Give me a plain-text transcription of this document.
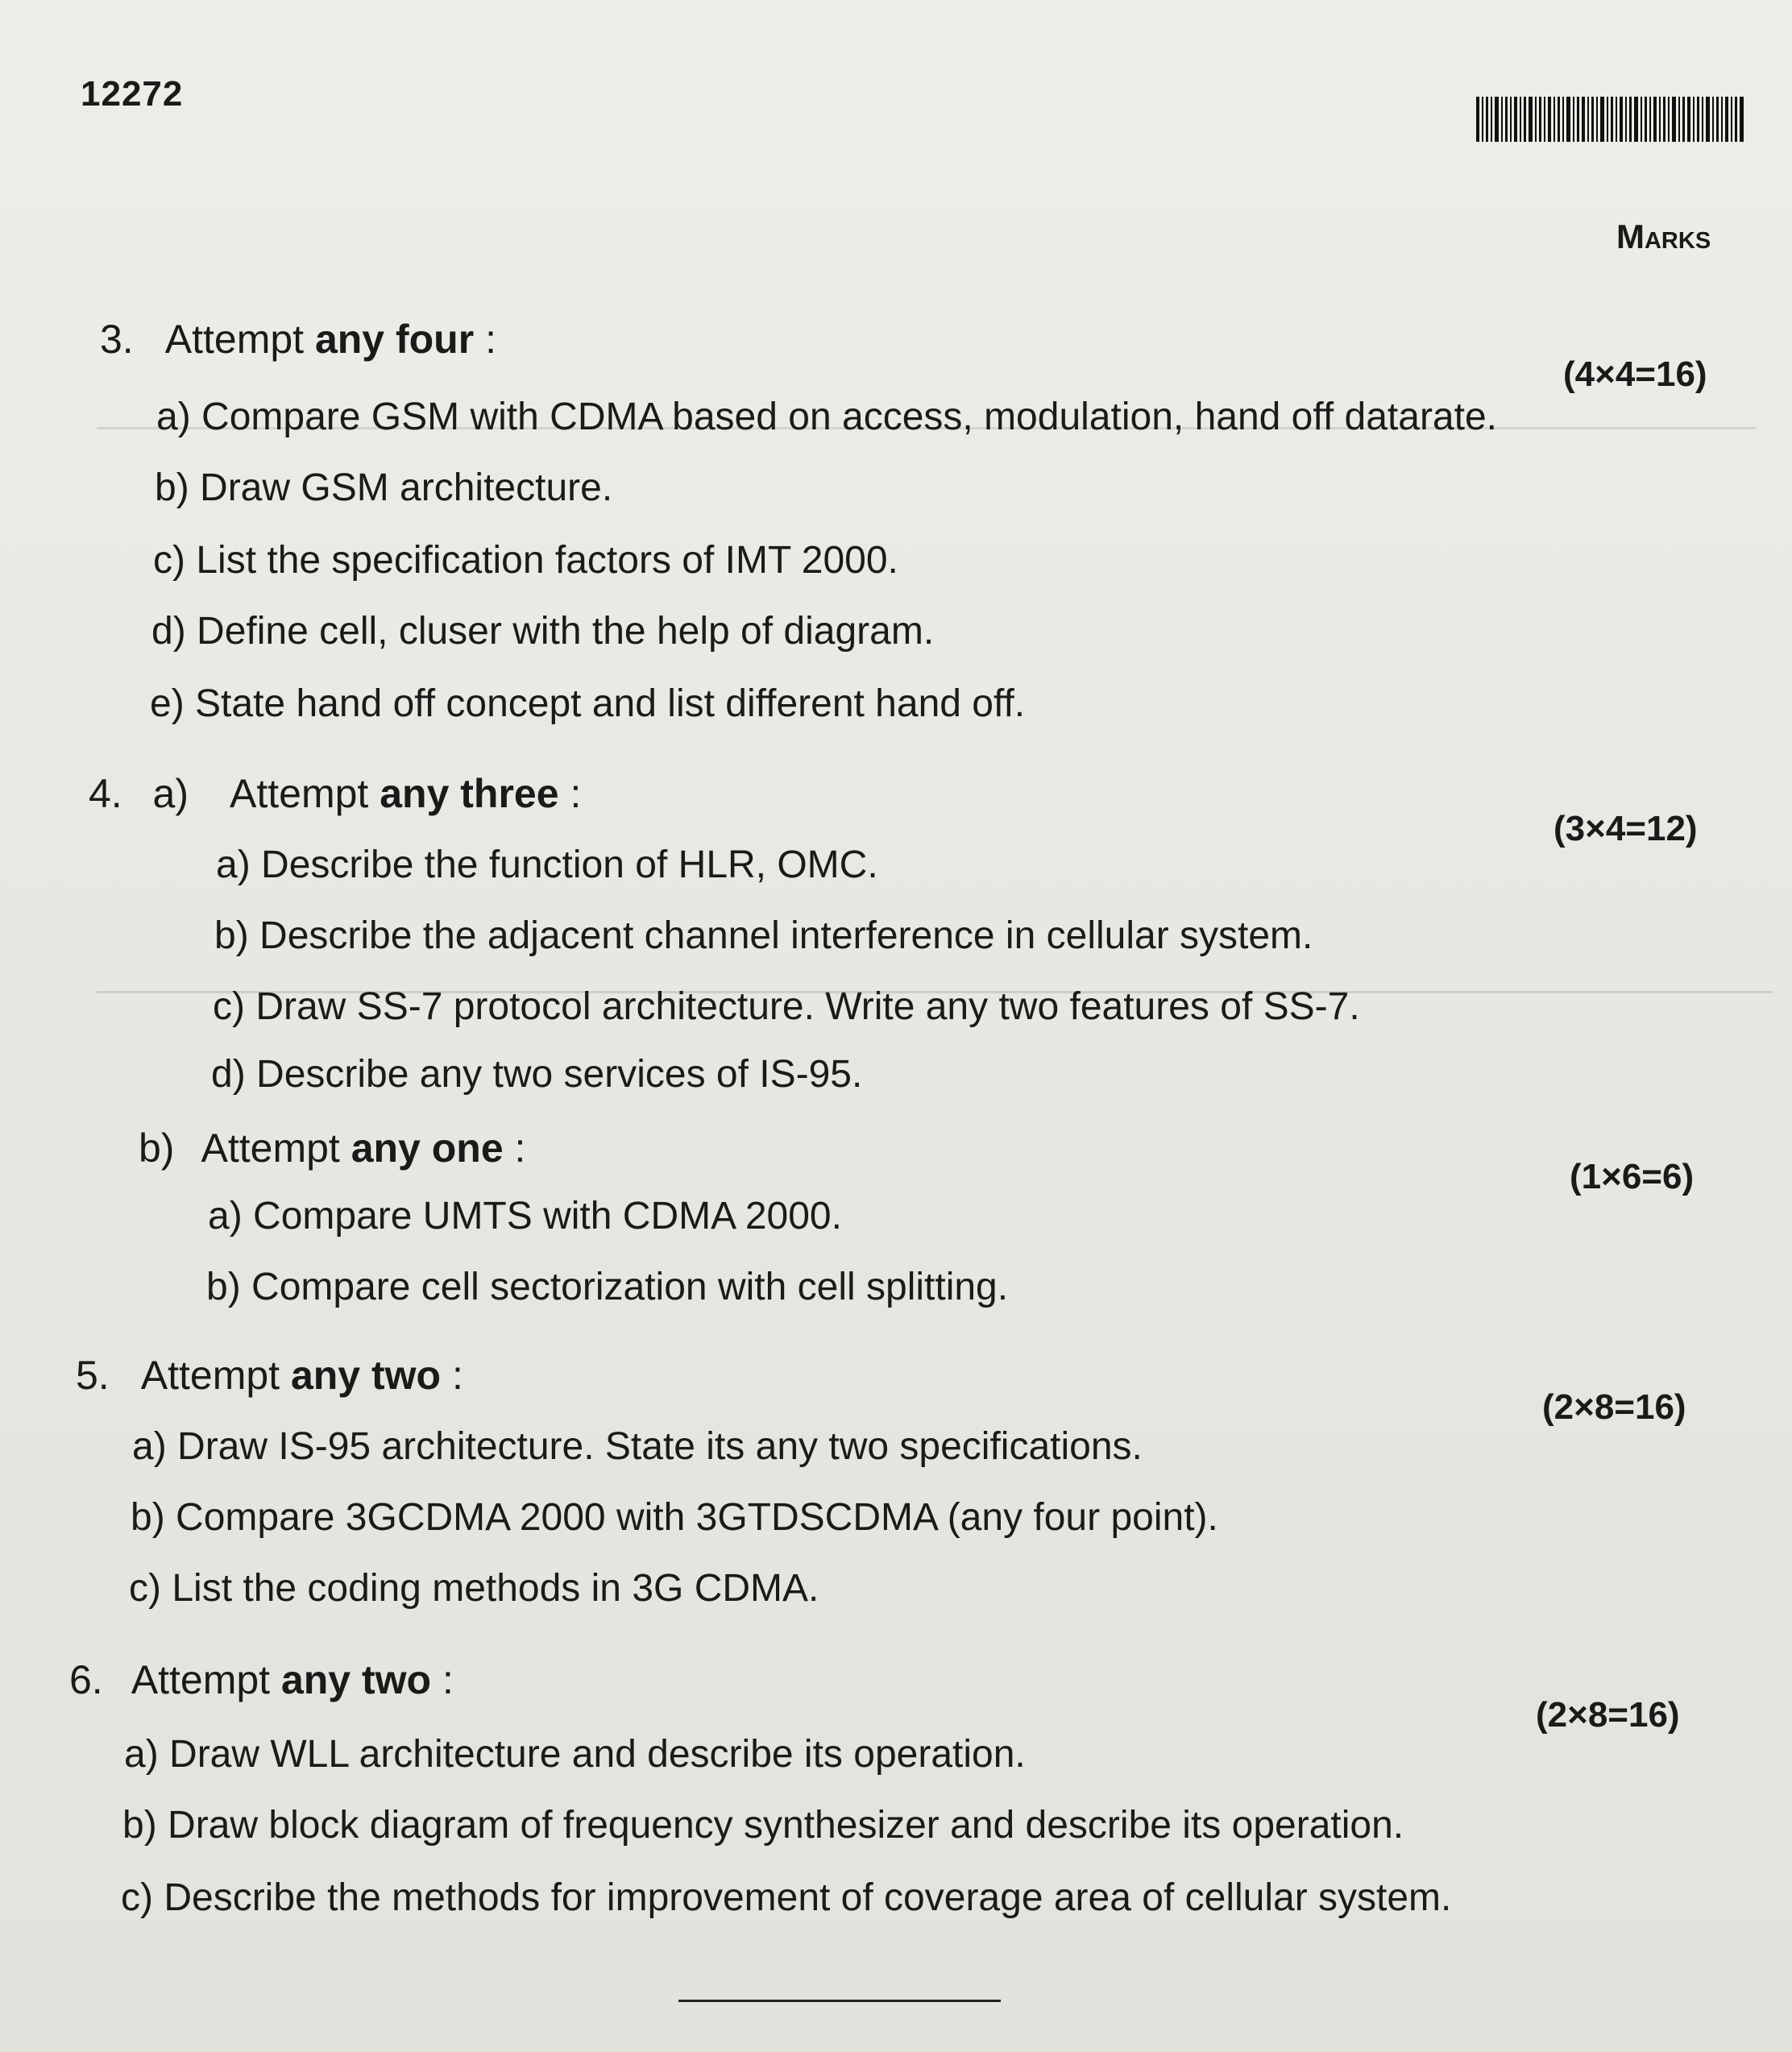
12272
Marks
3. Attempt any four :
(4×4=16)
a) Compare GSM with CDMA based on access, modulation, hand off datarate.
b) Draw GSM architecture.
c) List the specification factors of IMT 2000.
d) Define cell, cluser with the help of diagram.
e) State hand off concept and list different hand off.
4. a) Attempt any three :
(3×4=12)
a) Describe the function of HLR, OMC.
b) Describe the adjacent channel interference in cellular system.
c) Draw SS-7 protocol architecture. Write any two features of SS-7.
d) Describe any two services of IS-95.
b) Attempt any one :
(1×6=6)
a) Compare UMTS with CDMA 2000.
b) Compare cell sectorization with cell splitting.
5. Attempt any two :
(2×8=16)
a) Draw IS-95 architecture. State its any two specifications.
b) Compare 3GCDMA 2000 with 3GTDSCDMA (any four point).
c) List the coding methods in 3G CDMA.
6. Attempt any two :
(2×8=16)
a) Draw WLL architecture and describe its operation.
b) Draw block diagram of frequency synthesizer and describe its operation.
c) Describe the methods for improvement of coverage area of cellular system.
